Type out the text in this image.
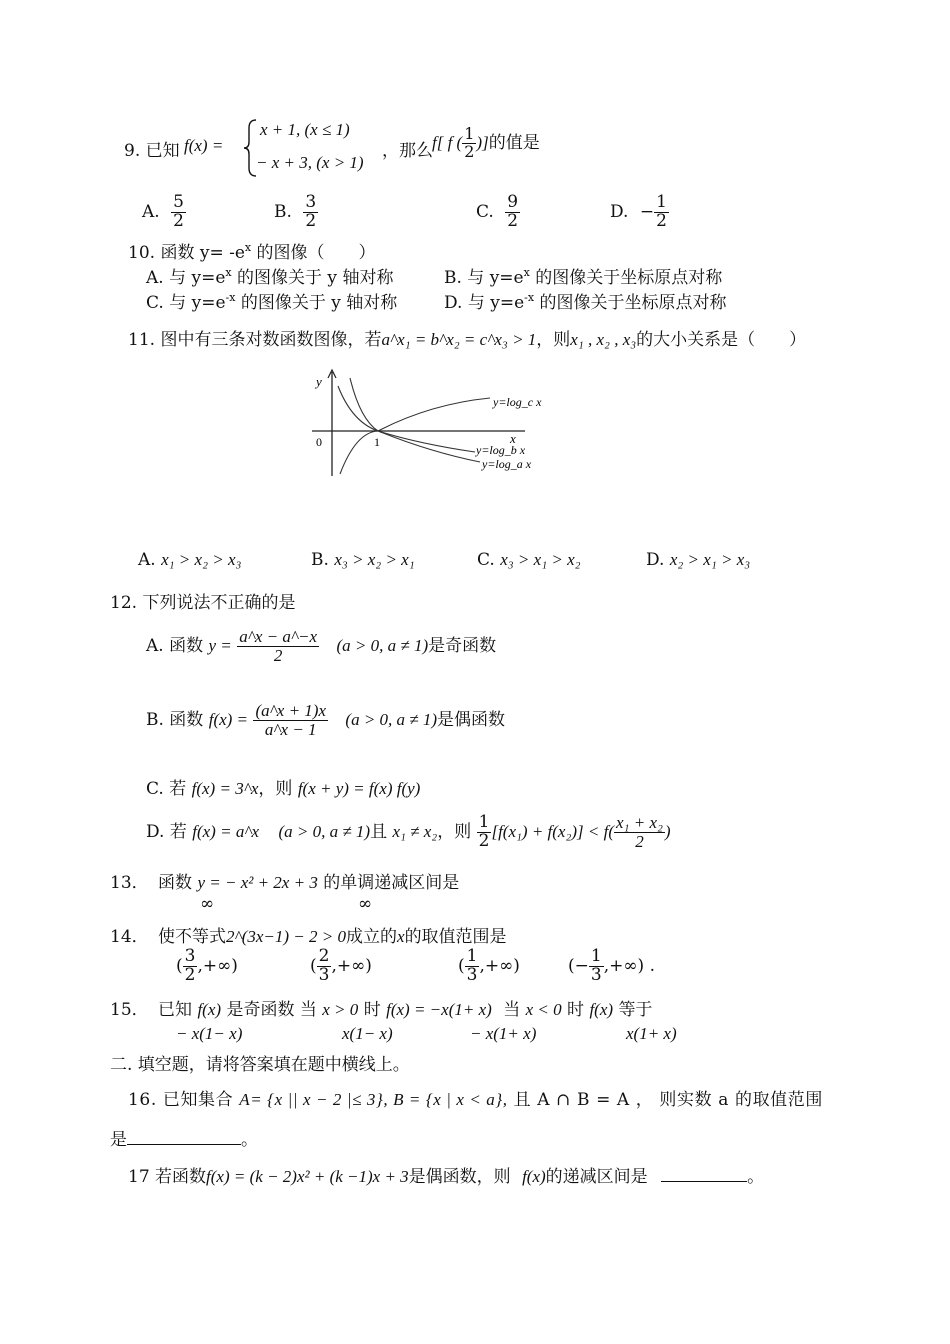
9. 已知 f(x) =
x + 1, (x ≤ 1)
− x + 3, (x > 1)
，那么 f[ f ( $\frac{1}{2}$ )]的值是
A. $\frac{5}{2}$	B. $\frac{3}{2}$	C. $\frac{9}{2}$	D. − $\frac{1}{2}$
10. 函数 $y= -e^x$ 的图像（　　）
A. 与 $y=e^x$ 的图像关于 y 轴对称	B. 与 $y=e^x$ 的图像关于坐标原点对称
C. 与 $y=e^{-x}$ 的图像关于 y 轴对称	D. 与 $y=e^{-x}$ 的图像关于坐标原点对称
11. 图中有三条对数函数图像，若a^x₁ = b^x₂ = c^x₃ > 1，则x₁ , x₂ , x₃的大小关系是（　　）
y
x
0	1
y=log_c x
y=log_b x
y=log_a x
A. x₁ > x₂ > x₃	B. x₃ > x₂ > x₁	C. x₃ > x₁ > x₂	D. x₂ > x₁ > x₃
12. 下列说法不正确的是
A. 函数 $y = \frac{a\^{}x - a\^{}-x}{2} (a > 0$, a ≠ 1)是奇函数
B. 函数 $f(x) = \frac{(a\^{}x + 1)x}{a\^{}x - 1} (a > 0$, a ≠ 1)是偶函数
C. 若 f(x) = 3^x，则 f(x + y) = f(x) f(y)
D. 若 f(x) = a^x (a > 0, a ≠ 1)且 x₁ ≠ x₂，则 $\frac{1}{2} [f(x_1) + f(x_2)] < f( \frac{\text{x₁ + x₂}}{2}$ )
13． 函数 y = − x² + 2x + 3 的单调递减区间是
∞	∞
14． 使不等式2^(3x−1) − 2 > 0成立的x的取值范围是
( $\frac{3}{2}$ ,+∞)	( $\frac{2}{3}$ ,+∞)	( $\frac{1}{3}$ ,+∞)	(− $\frac{1}{3}$ ,+∞) .
15． 已知 f(x) 是奇函数 当 x > 0 时 f(x) = −x(1+ x) 当 x < 0 时 f(x) 等于
− x(1− x)	x(1− x)	− x(1+ x)	x(1+ x)
二. 填空题，请将答案填在题中横线上。
16. 已知集合 A= {x || x − 2 |≤ 3}, B = {x | x < a}, 且 A ∩ B = A ， 则实数 a 的取值范围
是	。
17 若函数f(x) = (k − 2)x² + (k −1)x + 3是偶函数，则 f(x)的递减区间是	。
